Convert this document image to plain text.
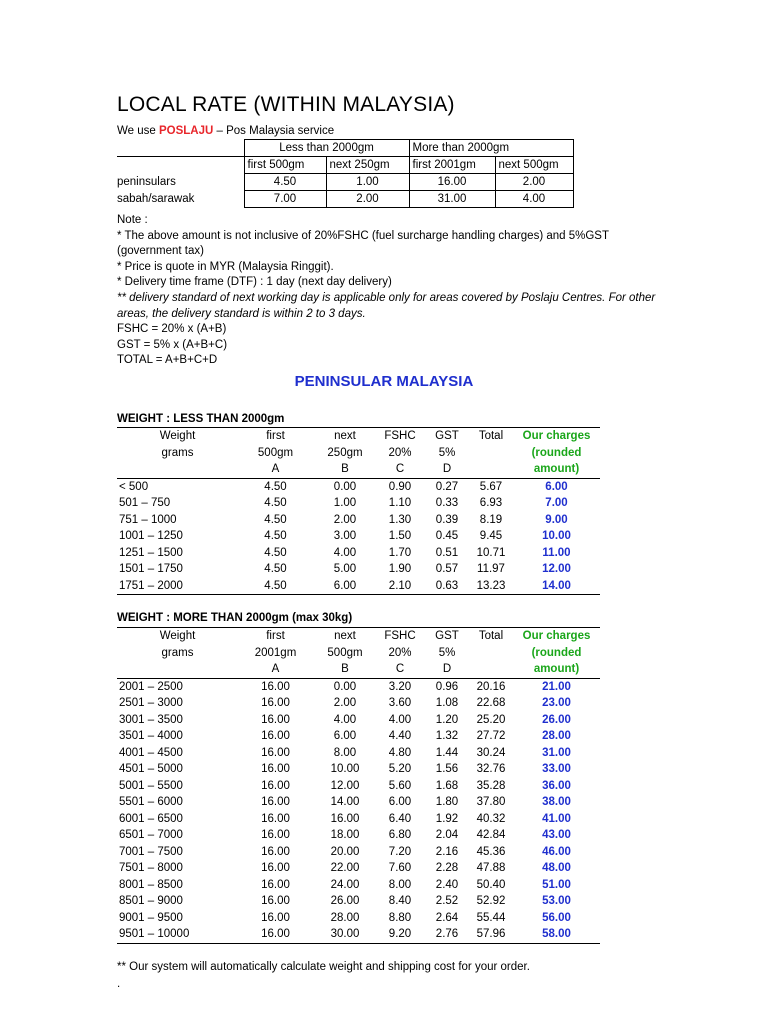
LOCAL RATE (WITHIN MALAYSIA)
We use POSLAJU – Pos Malaysia service
	Less than 2000gm		More than 2000gm	
	first 500gm	next 250gm	first 2001gm	next 500gm
peninsulars	4.50	1.00	16.00	2.00
sabah/sarawak	7.00	2.00	31.00	4.00
Note :
* The above amount is not inclusive of 20%FSHC (fuel surcharge handling charges) and 5%GST (government tax)
* Price is quote in MYR (Malaysia Ringgit).
* Delivery time frame (DTF) : 1 day (next day delivery)
** delivery standard of next working day is applicable only for areas covered by Poslaju Centres. For other areas, the delivery standard is within 2 to 3 days.
FSHC = 20% x (A+B)
GST = 5% x (A+B+C)
TOTAL = A+B+C+D
PENINSULAR MALAYSIA
WEIGHT : LESS THAN 2000gm
Weight	first	next	FSHC	GST	Total	Our charges
grams	500gm	250gm	20%	5%		(rounded
	A	B	C	D		amount)
< 500	4.50	0.00	0.90	0.27	5.67	6.00
501 – 750	4.50	1.00	1.10	0.33	6.93	7.00
751 – 1000	4.50	2.00	1.30	0.39	8.19	9.00
1001 – 1250	4.50	3.00	1.50	0.45	9.45	10.00
1251 – 1500	4.50	4.00	1.70	0.51	10.71	11.00
1501 – 1750	4.50	5.00	1.90	0.57	11.97	12.00
1751 – 2000	4.50	6.00	2.10	0.63	13.23	14.00
WEIGHT : MORE THAN 2000gm (max 30kg)
Weight	first	next	FSHC	GST	Total	Our charges
grams	2001gm	500gm	20%	5%		(rounded
	A	B	C	D		amount)
2001 – 2500	16.00	0.00	3.20	0.96	20.16	21.00
2501 – 3000	16.00	2.00	3.60	1.08	22.68	23.00
3001 – 3500	16.00	4.00	4.00	1.20	25.20	26.00
3501 – 4000	16.00	6.00	4.40	1.32	27.72	28.00
4001 – 4500	16.00	8.00	4.80	1.44	30.24	31.00
4501 – 5000	16.00	10.00	5.20	1.56	32.76	33.00
5001 – 5500	16.00	12.00	5.60	1.68	35.28	36.00
5501 – 6000	16.00	14.00	6.00	1.80	37.80	38.00
6001 – 6500	16.00	16.00	6.40	1.92	40.32	41.00
6501 – 7000	16.00	18.00	6.80	2.04	42.84	43.00
7001 – 7500	16.00	20.00	7.20	2.16	45.36	46.00
7501 – 8000	16.00	22.00	7.60	2.28	47.88	48.00
8001 – 8500	16.00	24.00	8.00	2.40	50.40	51.00
8501 – 9000	16.00	26.00	8.40	2.52	52.92	53.00
9001 – 9500	16.00	28.00	8.80	2.64	55.44	56.00
9501 – 10000	16.00	30.00	9.20	2.76	57.96	58.00
** Our system will automatically calculate weight and shipping cost for your order.
.
